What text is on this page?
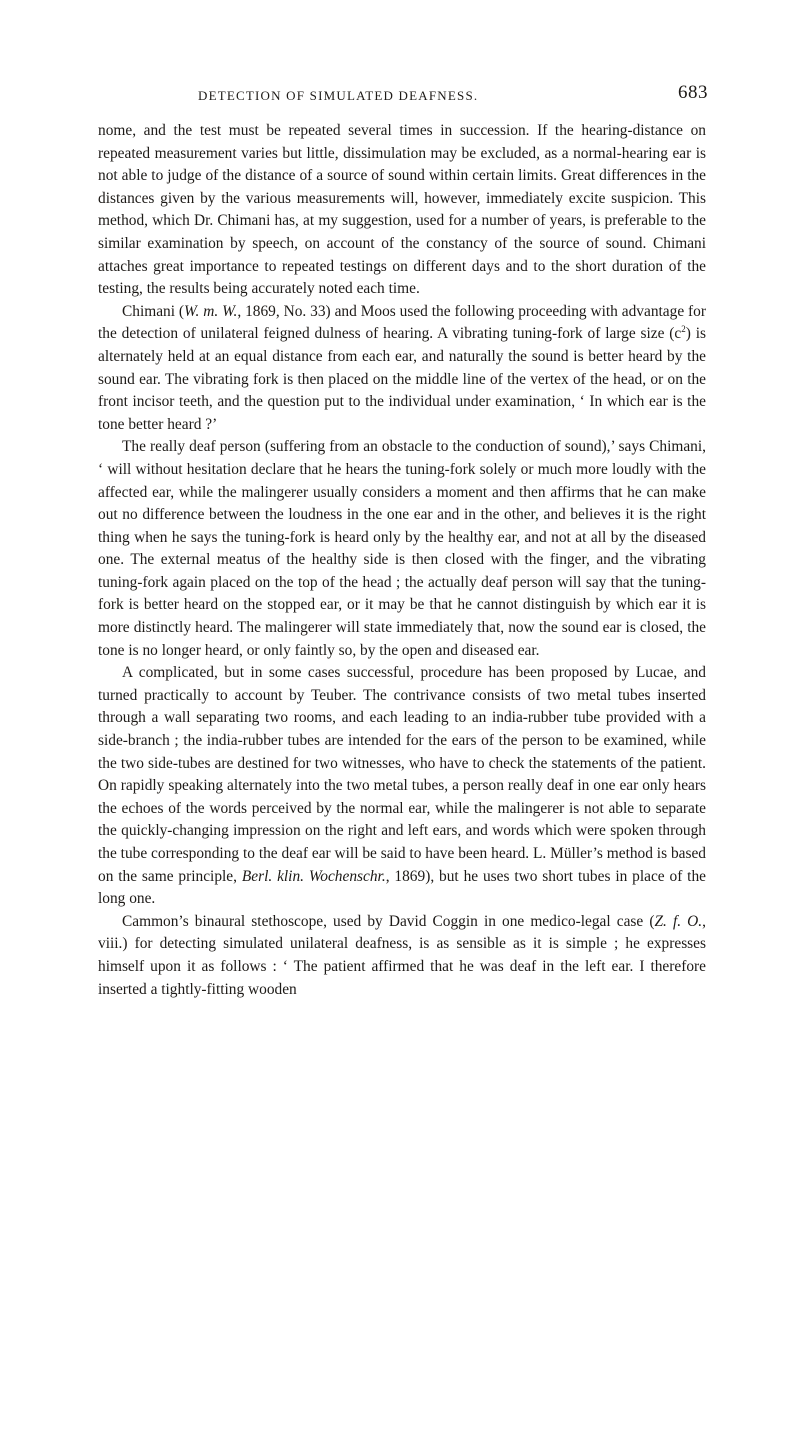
DETECTION OF SIMULATED DEAFNESS.	683

nome, and the test must be repeated several times in succession. If the hearing-distance on repeated measurement varies but little, dissimulation may be excluded, as a normal-hearing ear is not able to judge of the distance of a source of sound within certain limits. Great differences in the distances given by the various measurements will, however, immediately excite suspicion. This method, which Dr. Chimani has, at my suggestion, used for a number of years, is preferable to the similar examination by speech, on account of the constancy of the source of sound. Chimani attaches great importance to repeated testings on different days and to the short duration of the testing, the results being accurately noted each time.

Chimani (W. m. W., 1869, No. 33) and Moos used the following proceeding with advantage for the detection of unilateral feigned dulness of hearing. A vibrating tuning-fork of large size $(c^2)$ is alternately held at an equal distance from each ear, and naturally the sound is better heard by the sound ear. The vibrating fork is then placed on the middle line of the vertex of the head, or on the front incisor teeth, and the question put to the individual under examination, ‘ In which ear is the tone better heard ?’

The really deaf person (suffering from an obstacle to the conduction of sound),’ says Chimani, ‘ will without hesitation declare that he hears the tuning-fork solely or much more loudly with the affected ear, while the malingerer usually considers a moment and then affirms that he can make out no difference between the loudness in the one ear and in the other, and believes it is the right thing when he says the tuning-fork is heard only by the healthy ear, and not at all by the diseased one. The external meatus of the healthy side is then closed with the finger, and the vibrating tuning-fork again placed on the top of the head ; the actually deaf person will say that the tuning-fork is better heard on the stopped ear, or it may be that he cannot distinguish by which ear it is more distinctly heard. The malingerer will state immediately that, now the sound ear is closed, the tone is no longer heard, or only faintly so, by the open and diseased ear.

A complicated, but in some cases successful, procedure has been proposed by Lucae, and turned practically to account by Teuber. The contrivance consists of two metal tubes inserted through a wall separating two rooms, and each leading to an india-rubber tube provided with a side-branch ; the india-rubber tubes are intended for the ears of the person to be examined, while the two side-tubes are destined for two witnesses, who have to check the statements of the patient. On rapidly speaking alternately into the two metal tubes, a person really deaf in one ear only hears the echoes of the words perceived by the normal ear, while the malingerer is not able to separate the quickly-changing impression on the right and left ears, and words which were spoken through the tube corresponding to the deaf ear will be said to have been heard. L. Müller’s method is based on the same principle, Berl. klin. Wochenschr., 1869), but he uses two short tubes in place of the long one.

Cammon’s binaural stethoscope, used by David Coggin in one medico-legal case (Z. f. O., viii.) for detecting simulated unilateral deafness, is as sensible as it is simple ; he expresses himself upon it as follows : ‘ The patient affirmed that he was deaf in the left ear. I therefore inserted a tightly-fitting wooden
